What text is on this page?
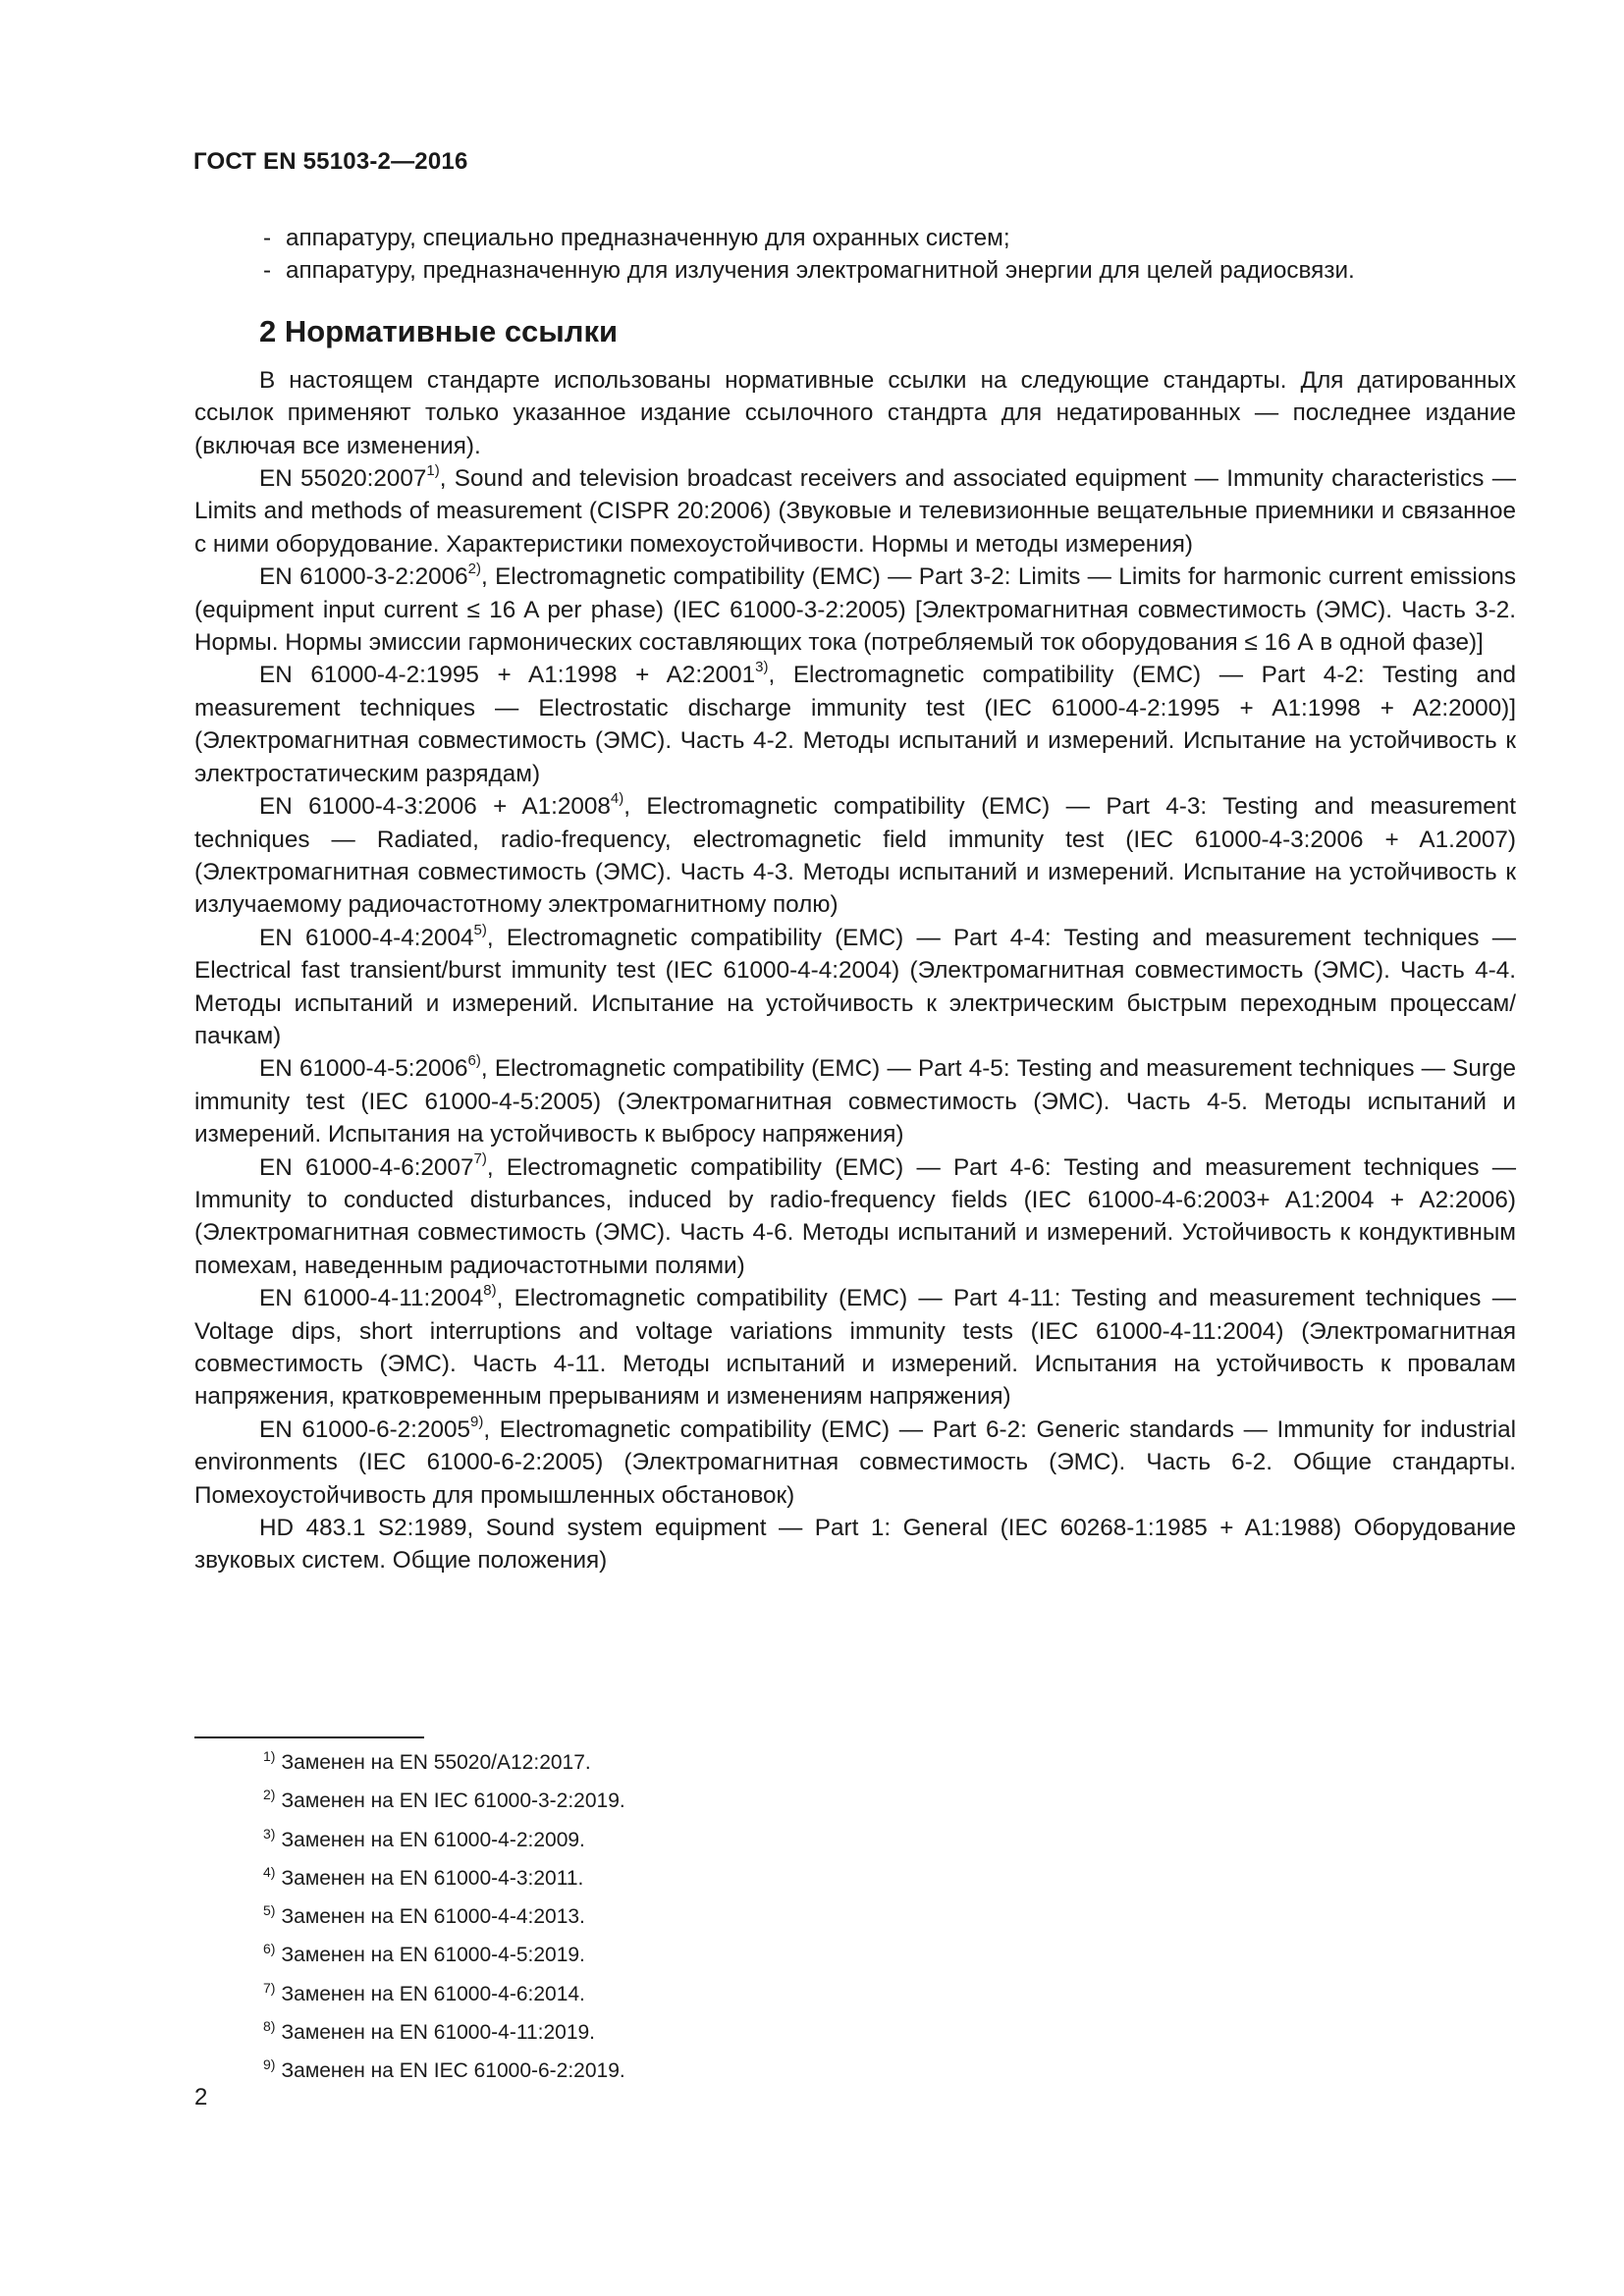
ГОСТ EN 55103-2—2016
- аппаратуру, специально предназначенную для охранных систем;
- аппаратуру, предназначенную для излучения электромагнитной энергии для целей радиосвязи.
2 Нормативные ссылки

В настоящем стандарте использованы нормативные ссылки на следующие стандарты. Для датированных ссылок применяют только указанное издание ссылочного стандрта для недатированных — последнее издание (включая все изменения).

EN 55020:2007$^{1)}$, Sound and television broadcast receivers and associated equipment — Immunity characteristics — Limits and methods of measurement (CISPR 20:2006) (Звуковые и телевизионные вещательные приемники и связанное с ними оборудование. Характеристики помехоустойчивости. Нормы и методы измерения)

EN 61000-3-2:2006$^{2)}$, Electromagnetic compatibility (EMC) — Part 3-2: Limits — Limits for harmonic current emissions (equipment input current ≤ 16 A per phase) (IEC 61000-3-2:2005) [Электромагнитная совместимость (ЭМС). Часть 3-2. Нормы. Нормы эмиссии гармонических составляющих тока (потребляемый ток оборудования ≤ 16 А в одной фазе)]

EN 61000-4-2:1995 + A1:1998 + $A2:2001^{3)}$, Electromagnetic compatibility (EMC) — Part 4-2: Testing and measurement techniques — Electrostatic discharge immunity test (IEC 61000-4-2:1995 + A1:1998 + A2:2000)] (Электромагнитная совместимость (ЭМС). Часть 4-2. Методы испытаний и измерений. Испытание на устойчивость к электростатическим разрядам)

EN 61000-4-3:2006 + $A1:2008^{4)}$, Electromagnetic compatibility (EMC) — Part 4-3: Testing and measurement techniques — Radiated, radio-frequency, electromagnetic field immunity test (IEC 61000-4-3:2006 + A1.2007) (Электромагнитная совместимость (ЭМС). Часть 4-3. Методы испытаний и измерений. Испытание на устойчивость к излучаемому радиочастотному электромагнитному полю)

EN 61000-4-4:2004$^{5)}$, Electromagnetic compatibility (EMC) — Part 4-4: Testing and measurement techniques — Electrical fast transient/burst immunity test (IEC 61000-4-4:2004) (Электромагнитная совместимость (ЭМС). Часть 4-4. Методы испытаний и измерений. Испытание на устойчивость к электрическим быстрым переходным процессам/пачкам)

EN 61000-4-5:2006$^{6)}$, Electromagnetic compatibility (EMC) — Part 4-5: Testing and measurement techniques — Surge immunity test (IEC 61000-4-5:2005) (Электромагнитная совместимость (ЭМС). Часть 4-5. Методы испытаний и измерений. Испытания на устойчивость к выбросу напряжения)

EN 61000-4-6:2007$^{7)}$, Electromagnetic compatibility (EMC) — Part 4-6: Testing and measurement techniques — Immunity to conducted disturbances, induced by radio-frequency fields (IEC 61000-4-6:2003+ A1:2004 + A2:2006) (Электромагнитная совместимость (ЭМС). Часть 4-6. Методы испытаний и измерений. Устойчивость к кондуктивным помехам, наведенным радиочастотными полями)

EN 61000-4-11:2004$^{8)}$, Electromagnetic compatibility (EMC) — Part 4-11: Testing and measurement techniques — Voltage dips, short interruptions and voltage variations immunity tests (IEC 61000-4-11:2004) (Электромагнитная совместимость (ЭМС). Часть 4-11. Методы испытаний и измерений. Испытания на устойчивость к провалам напряжения, кратковременным прерываниям и изменениям напряжения)

EN 61000-6-2:2005$^{9)}$, Electromagnetic compatibility (EMC) — Part 6-2: Generic standards — Immunity for industrial environments (IEC 61000-6-2:2005) (Электромагнитная совместимость (ЭМС). Часть 6-2. Общие стандарты. Помехоустойчивость для промышленных обстановок)

HD 483.1 S2:1989, Sound system equipment — Part 1: General (IEC 60268-1:1985 + A1:1988) Оборудование звуковых систем. Общие положения)

$^{1)}$ Заменен на EN 55020/A12:2017.

$^{2)}$ Заменен на EN IEC 61000-3-2:2019.

$^{3)}$ Заменен на EN 61000-4-2:2009.

$^{4)}$ Заменен на EN 61000-4-3:2011.

$^{5)}$ Заменен на EN 61000-4-4:2013.

$^{6)}$ Заменен на EN 61000-4-5:2019.

$^{7)}$ Заменен на EN 61000-4-6:2014.

$^{8)}$ Заменен на EN 61000-4-11:2019.

$^{9)}$ Заменен на EN IEC 61000-6-2:2019.

2
